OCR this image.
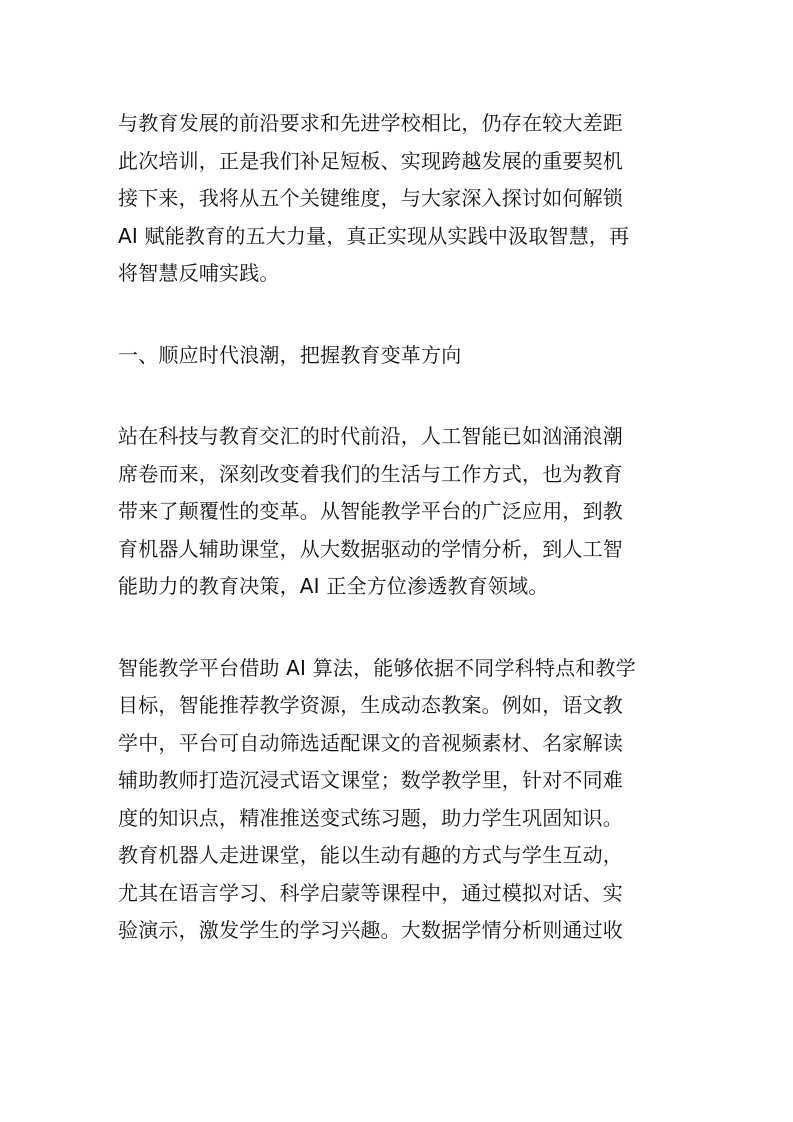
与教育发展的前沿要求和先进学校相比，仍存在较大差距
此次培训，正是我们补足短板、实现跨越发展的重要契机
接下来，我将从五个关键维度，与大家深入探讨如何解锁
AI 赋能教育的五大力量，真正实现从实践中汲取智慧，再
将智慧反哺实践。
一、顺应时代浪潮，把握教育变革方向
站在科技与教育交汇的时代前沿，人工智能已如汹涌浪潮
席卷而来，深刻改变着我们的生活与工作方式，也为教育
带来了颠覆性的变革。从智能教学平台的广泛应用，到教
育机器人辅助课堂，从大数据驱动的学情分析，到人工智
能助力的教育决策，AI 正全方位渗透教育领域。
智能教学平台借助 AI 算法，能够依据不同学科特点和教学
目标，智能推荐教学资源，生成动态教案。例如，语文教
学中，平台可自动筛选适配课文的音视频素材、名家解读
辅助教师打造沉浸式语文课堂；数学教学里，针对不同难
度的知识点，精准推送变式练习题，助力学生巩固知识。
教育机器人走进课堂，能以生动有趣的方式与学生互动，
尤其在语言学习、科学启蒙等课程中，通过模拟对话、实
验演示，激发学生的学习兴趣。大数据学情分析则通过收
